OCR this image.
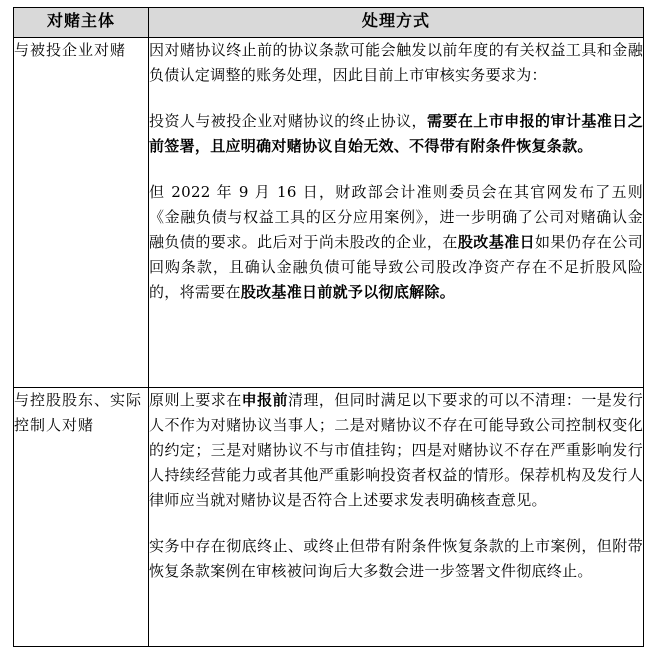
对赌主体	处理方式
与被投企业对赌	因对赌协议终止前的协议条款可能会触发以前年度的有关权益工具和金融负债认定调整的账务处理，因此目前上市审核实务要求为：

投资人与被投企业对赌协议的终止协议，需要在上市申报的审计基准日之前签署，且应明确对赌协议自始无效、不得带有附条件恢复条款。

但 2022 年 9 月 16 日，财政部会计准则委员会在其官网发布了五则《金融负债与权益工具的区分应用案例》，进一步明确了公司对赌确认金融负债的要求。此后对于尚未股改的企业，在股改基准日如果仍存在公司回购条款，且确认金融负债可能导致公司股改净资产存在不足折股风险的，将需要在股改基准日前就予以彻底解除。

与控股股东、实际控制人对赌	原则上要求在申报前清理，但同时满足以下要求的可以不清理：一是发行人不作为对赌协议当事人；二是对赌协议不存在可能导致公司控制权变化的约定；三是对赌协议不与市值挂钩；四是对赌协议不存在严重影响发行人持续经营能力或者其他严重影响投资者权益的情形。保荐机构及发行人律师应当就对赌协议是否符合上述要求发表明确核查意见。

实务中存在彻底终止、或终止但带有附条件恢复条款的上市案例，但附带恢复条款案例在审核被问询后大多数会进一步签署文件彻底终止。
